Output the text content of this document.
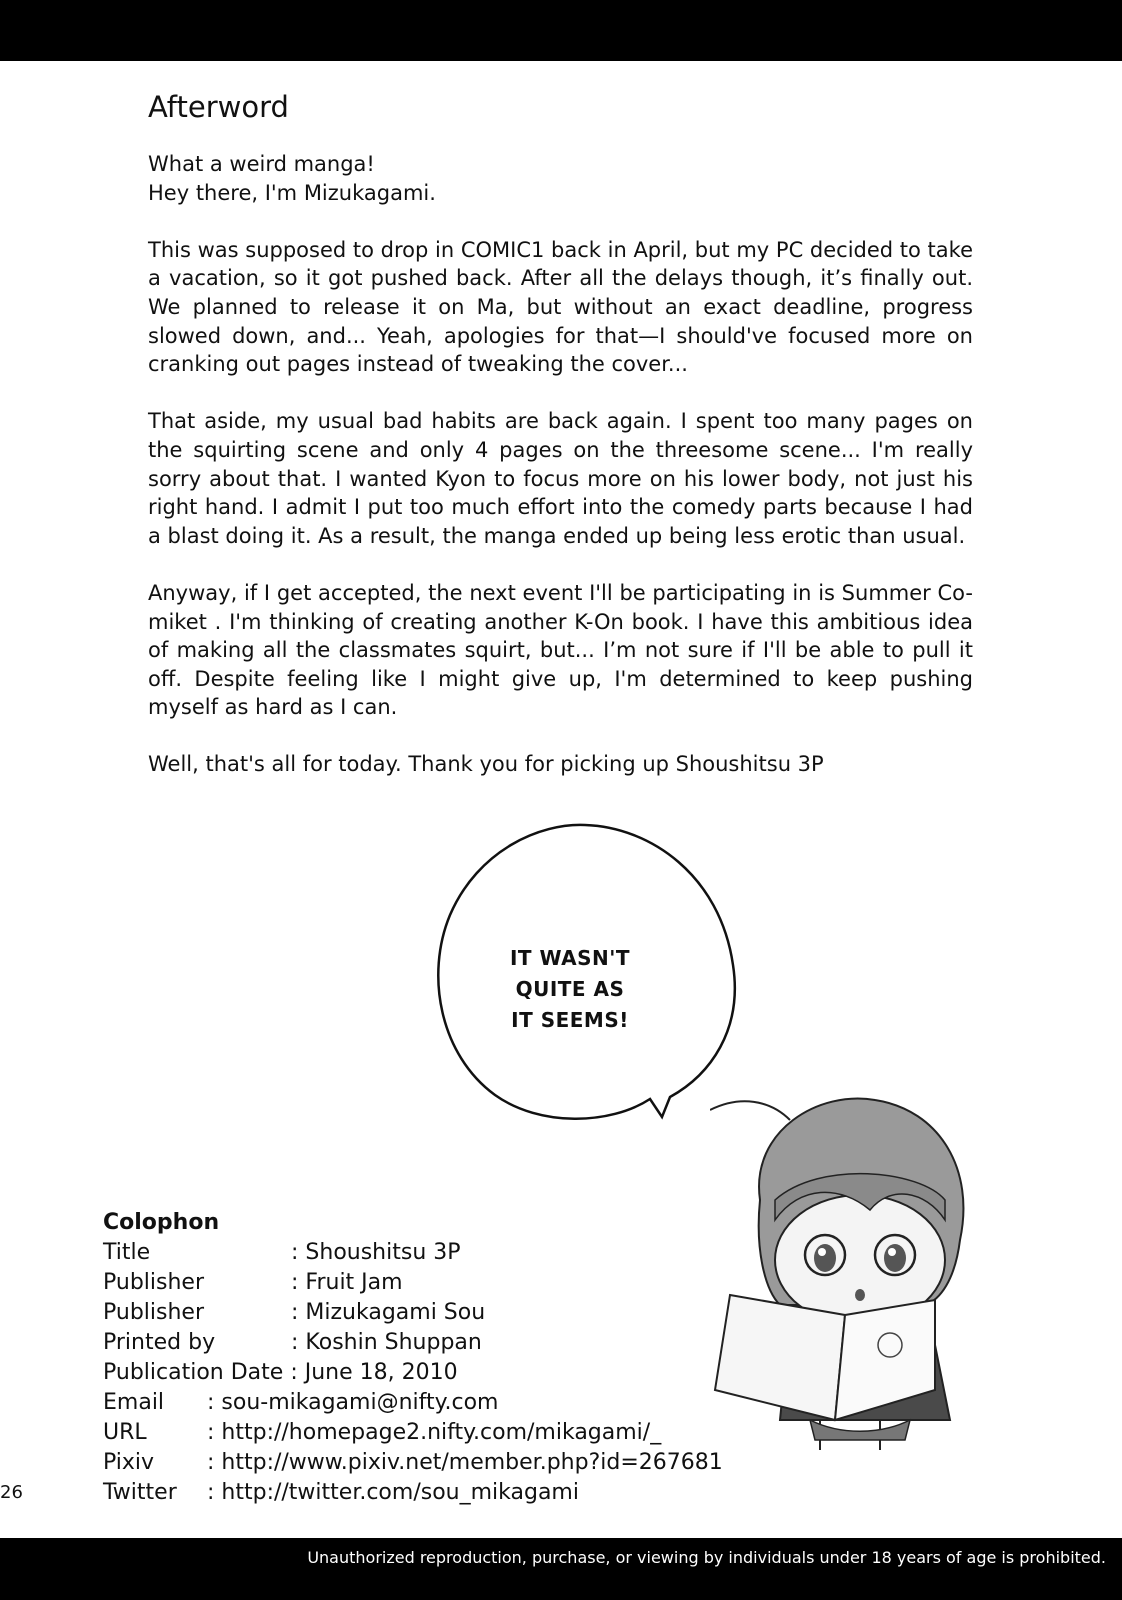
Afterword

What a weird manga!
Hey there, I'm Mizukagami.

This was supposed to drop in COMIC1 back in April, but my PC decided to take a vacation, so it got pushed back. After all the delays though, it’s finally out. We planned to release it on Ma, but without an exact deadline, progress slowed down, and... Yeah, apologies for that—I should've focused more on cranking out pages instead of tweaking the cover...

That aside, my usual bad habits are back again. I spent too many pages on the squirting scene and only 4 pages on the threesome scene... I'm really sorry about that. I wanted Kyon to focus more on his lower body, not just his right hand. I admit I put too much effort into the comedy parts because I had a blast doing it. As a result, the manga ended up being less erotic than usual.

Anyway, if I get accepted, the next event I'll be participating in is Summer Co-miket . I'm thinking of creating another K-On book. I have this ambitious idea of making all the classmates squirt, but... I’m not sure if I'll be able to pull it off. Despite feeling like I might give up, I'm determined to keep pushing myself as hard as I can.

Well, that's all for today. Thank you for picking up Shoushitsu 3P

IT WASN'T
QUITE AS
IT SEEMS!
Colophon
Title	: Shoushitsu 3P
Publisher	: Fruit Jam
Publisher	: Mizukagami Sou
Printed by	: Koshin Shuppan
Publication Date : June 18, 2010
Email : sou-mikagami@nifty.com
URL	: http://homepage2.nifty.com/mikagami/_
Pixiv : http://www.pixiv.net/member.php?id=267681
Twitter : http://twitter.com/sou_mikagami
26
Unauthorized reproduction, purchase, or viewing by individuals under 18 years of age is prohibited.
